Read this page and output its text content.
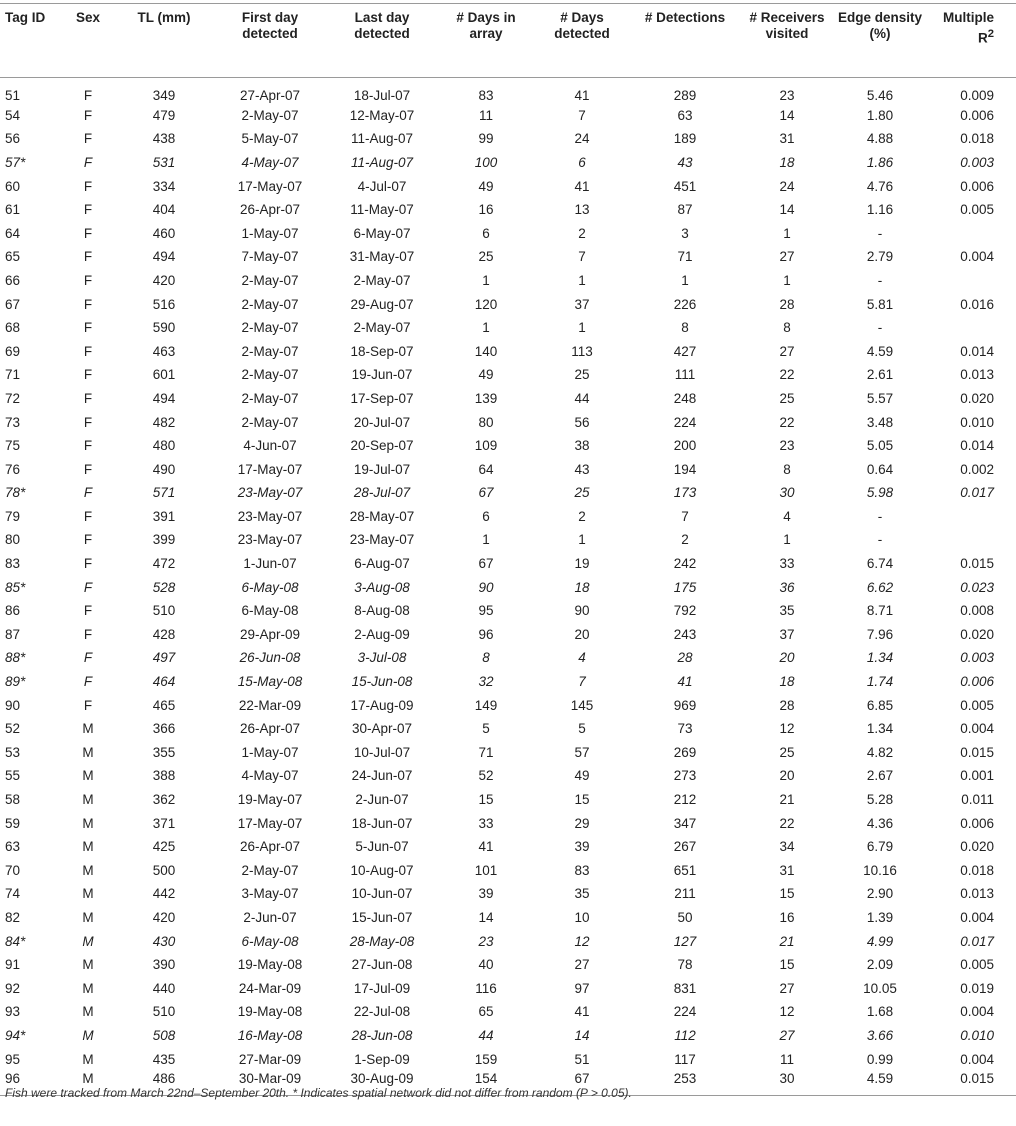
Tag ID	Sex	TL (mm)	First day detected	Last day detected	# Days in array	# Days detected	# Detections	# Receivers visited	Edge density (%)	Multiple $R^2$
51	F	349	27-Apr-07	18-Jul-07	83	41	289	23	5.46	0.009
54	F	479	2-May-07	12-May-07	11	7	63	14	1.80	0.006
56	F	438	5-May-07	11-Aug-07	99	24	189	31	4.88	0.018
57*	F	531	4-May-07	11-Aug-07	100	6	43	18	1.86	0.003
60	F	334	17-May-07	4-Jul-07	49	41	451	24	4.76	0.006
61	F	404	26-Apr-07	11-May-07	16	13	87	14	1.16	0.005
64	F	460	1-May-07	6-May-07	6	2	3	1	-	
65	F	494	7-May-07	31-May-07	25	7	71	27	2.79	0.004
66	F	420	2-May-07	2-May-07	1	1	1	1	-	
67	F	516	2-May-07	29-Aug-07	120	37	226	28	5.81	0.016
68	F	590	2-May-07	2-May-07	1	1	8	8	-	
69	F	463	2-May-07	18-Sep-07	140	113	427	27	4.59	0.014
71	F	601	2-May-07	19-Jun-07	49	25	111	22	2.61	0.013
72	F	494	2-May-07	17-Sep-07	139	44	248	25	5.57	0.020
73	F	482	2-May-07	20-Jul-07	80	56	224	22	3.48	0.010
75	F	480	4-Jun-07	20-Sep-07	109	38	200	23	5.05	0.014
76	F	490	17-May-07	19-Jul-07	64	43	194	8	0.64	0.002
78*	F	571	23-May-07	28-Jul-07	67	25	173	30	5.98	0.017
79	F	391	23-May-07	28-May-07	6	2	7	4	-	
80	F	399	23-May-07	23-May-07	1	1	2	1	-	
83	F	472	1-Jun-07	6-Aug-07	67	19	242	33	6.74	0.015
85*	F	528	6-May-08	3-Aug-08	90	18	175	36	6.62	0.023
86	F	510	6-May-08	8-Aug-08	95	90	792	35	8.71	0.008
87	F	428	29-Apr-09	2-Aug-09	96	20	243	37	7.96	0.020
88*	F	497	26-Jun-08	3-Jul-08	8	4	28	20	1.34	0.003
89*	F	464	15-May-08	15-Jun-08	32	7	41	18	1.74	0.006
90	F	465	22-Mar-09	17-Aug-09	149	145	969	28	6.85	0.005
52	M	366	26-Apr-07	30-Apr-07	5	5	73	12	1.34	0.004
53	M	355	1-May-07	10-Jul-07	71	57	269	25	4.82	0.015
55	M	388	4-May-07	24-Jun-07	52	49	273	20	2.67	0.001
58	M	362	19-May-07	2-Jun-07	15	15	212	21	5.28	0.011
59	M	371	17-May-07	18-Jun-07	33	29	347	22	4.36	0.006
63	M	425	26-Apr-07	5-Jun-07	41	39	267	34	6.79	0.020
70	M	500	2-May-07	10-Aug-07	101	83	651	31	10.16	0.018
74	M	442	3-May-07	10-Jun-07	39	35	211	15	2.90	0.013
82	M	420	2-Jun-07	15-Jun-07	14	10	50	16	1.39	0.004
84*	M	430	6-May-08	28-May-08	23	12	127	21	4.99	0.017
91	M	390	19-May-08	27-Jun-08	40	27	78	15	2.09	0.005
92	M	440	24-Mar-09	17-Jul-09	116	97	831	27	10.05	0.019
93	M	510	19-May-08	22-Jul-08	65	41	224	12	1.68	0.004
94*	M	508	16-May-08	28-Jun-08	44	14	112	27	3.66	0.010
95	M	435	27-Mar-09	1-Sep-09	159	51	117	11	0.99	0.004
96	M	486	30-Mar-09	30-Aug-09	154	67	253	30	4.59	0.015
Fish were tracked from March 22nd–September 20th. * Indicates spatial network did not differ from random (P > 0.05).
